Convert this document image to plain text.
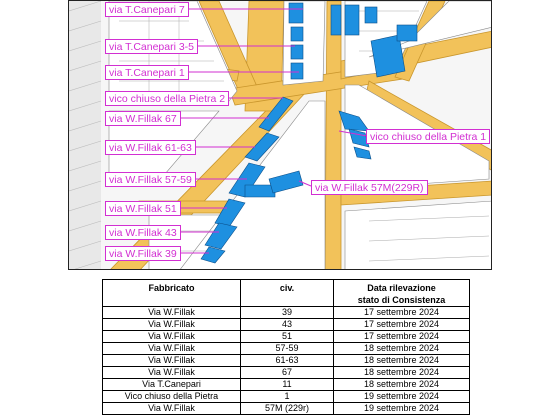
via T.Canepari 7
via T.Canepari 3-5
via T.Canepari 1
vico chiuso della Pietra 2
via W.Fillak 67
via W.Fillak 61-63
via W.Fillak 57-59
via W.Fillak 51
via W.Fillak 43
via W.Fillak 39
vico chiuso della Pietra 1
via W.Fillak 57M(229R)
Fabbricato	civ.	Data rilevazione
stato di Consistenza
Via W.Fillak	39	17 settembre 2024
Via W.Fillak	43	17 settembre 2024
Via W.Fillak	51	17 settembre 2024
Via W.Fillak	57-59	18 settembre 2024
Via W.Fillak	61-63	18 settembre 2024
Via W.Fillak	67	18 settembre 2024
Via T.Canepari	11	18 settembre 2024
Vico chiuso della Pietra	1	19 settembre 2024
Via W.Fillak	57M (229r)	19 settembre 2024
